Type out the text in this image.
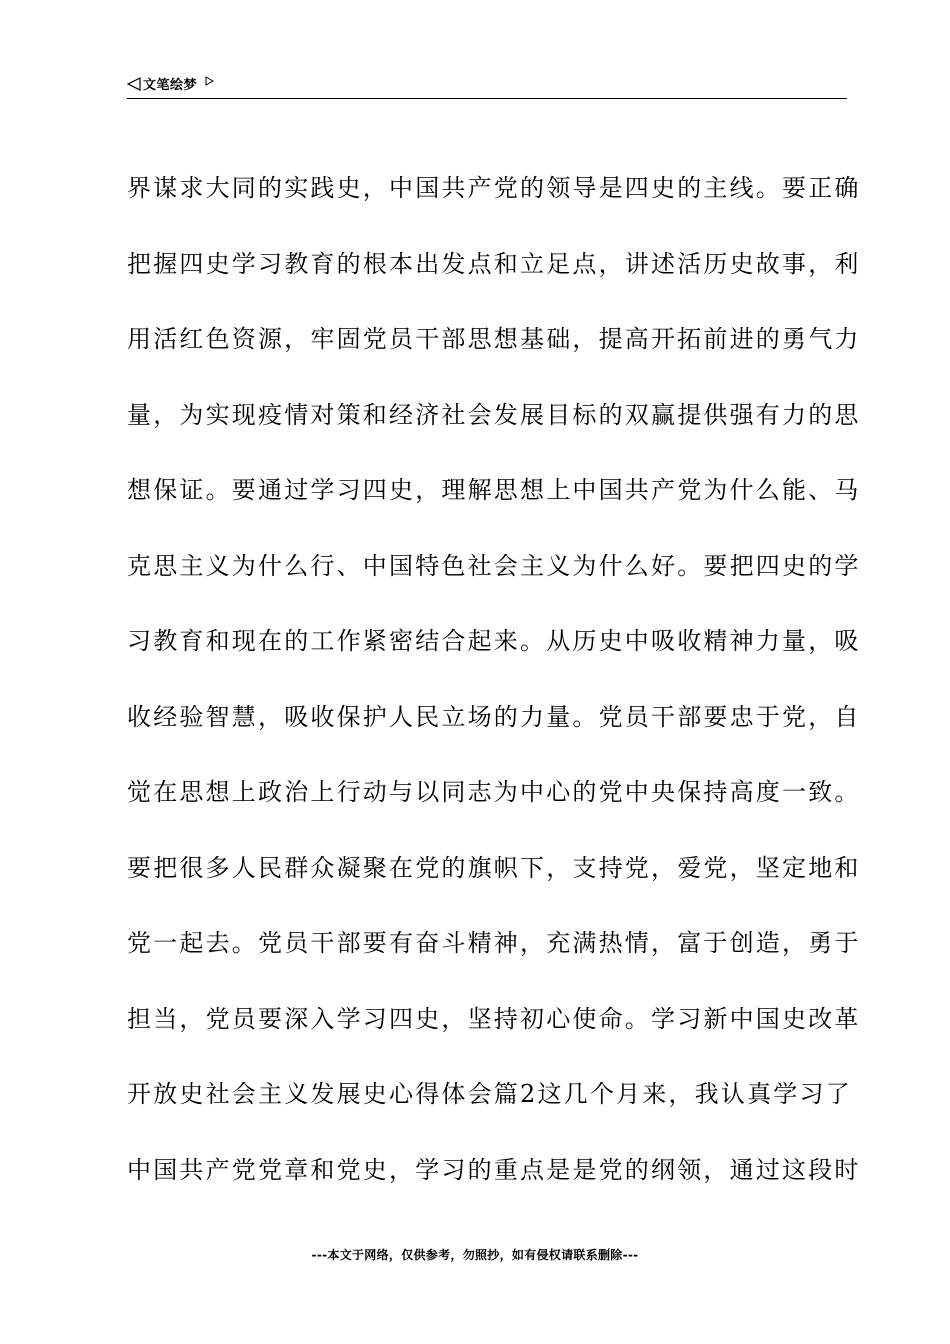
文笔绘梦
界谋求大同的实践史，中国共产党的领导是四史的主线。要正确
把握四史学习教育的根本出发点和立足点，讲述活历史故事，利
用活红色资源，牢固党员干部思想基础，提高开拓前进的勇气力
量，为实现疫情对策和经济社会发展目标的双赢提供强有力的思
想保证。要通过学习四史，理解思想上中国共产党为什么能、马
克思主义为什么行、中国特色社会主义为什么好。要把四史的学
习教育和现在的工作紧密结合起来。从历史中吸收精神力量，吸
收经验智慧，吸收保护人民立场的力量。党员干部要忠于党，自
觉在思想上政治上行动与以同志为中心的党中央保持高度一致。
要把很多人民群众凝聚在党的旗帜下，支持党，爱党，坚定地和
党一起去。党员干部要有奋斗精神，充满热情，富于创造，勇于
担当，党员要深入学习四史，坚持初心使命。学习新中国史改革
开放史社会主义发展史心得体会篇2这几个月来，我认真学习了
中国共产党党章和党史，学习的重点是是党的纲领，通过这段时
---本文于网络，仅供参考，勿照抄，如有侵权请联系删除---
